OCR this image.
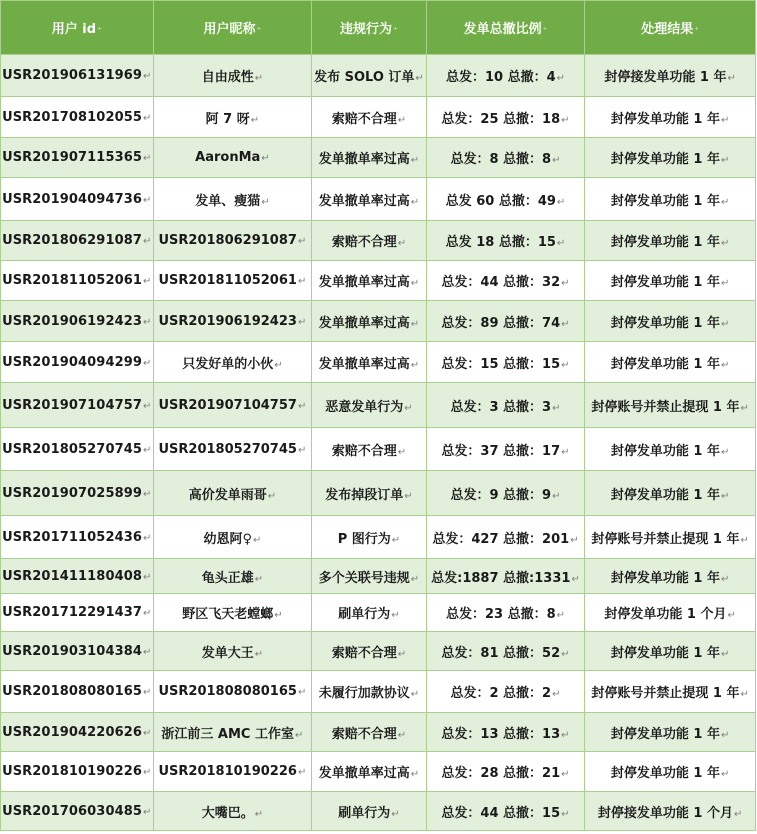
用户 id⁺	用户昵称⁺	违规行为⁺	发单总撤比例⁺	处理结果⁺
USR201906131969↵	自由成性↵	发布 SOLO 订单↵	总发：10 总撤：4↵	封停接发单功能 1 年↵
USR201708102055↵	阿 7 呀↵	索赔不合理↵	总发：25 总撤：18↵	封停发单功能 1 年↵
USR201907115365↵	AaronMa↵	发单撤单率过高↵	总发：8 总撤：8↵	封停发单功能 1 年↵
USR201904094736↵	发单、瘦猫↵	发单撤单率过高↵	总发 60 总撤：49↵	封停发单功能 1 年↵
USR201806291087↵	USR201806291087↵	索赔不合理↵	总发 18 总撤：15↵	封停发单功能 1 年↵
USR201811052061↵	USR201811052061↵	发单撤单率过高↵	总发：44 总撤：32↵	封停发单功能 1 年↵
USR201906192423↵	USR201906192423↵	发单撤单率过高↵	总发：89 总撤：74↵	封停发单功能 1 年↵
USR201904094299↵	只发好单的小伙↵	发单撤单率过高↵	总发：15 总撤：15↵	封停发单功能 1 年↵
USR201907104757↵	USR201907104757↵	恶意发单行为↵	总发：3 总撤：3↵	封停账号并禁止提现 1 年↵
USR201805270745↵	USR201805270745↵	索赔不合理↵	总发：37 总撤：17↵	封停发单功能 1 年↵
USR201907025899↵	高价发单雨哥↵	发布掉段订单↵	总发：9 总撤：9↵	封停发单功能 1 年↵
USR201711052436↵	幼恩阿♀↵	P 图行为↵	总发：427 总撤：201↵	封停账号并禁止提现 1 年↵
USR201411180408↵	龟头正雄↵	多个关联号违规↵	总发:1887 总撤:1331↵	封停发单功能 1 年↵
USR201712291437↵	野区飞天老螳螂↵	刷单行为↵	总发：23 总撤：8↵	封停发单功能 1 个月↵
USR201903104384↵	发单大王↵	索赔不合理↵	总发：81 总撤：52↵	封停发单功能 1 年↵
USR201808080165↵	USR201808080165↵	未履行加款协议↵	总发：2 总撤：2↵	封停账号并禁止提现 1 年↵
USR201904220626↵	浙江前三 AMC 工作室↵	索赔不合理↵	总发：13 总撤：13↵	封停发单功能 1 年↵
USR201810190226↵	USR201810190226↵	发单撤单率过高↵	总发：28 总撤：21↵	封停发单功能 1 年↵
USR201706030485↵	大嘴巴。↵	刷单行为↵	总发：44 总撤：15↵	封停接发单功能 1 个月↵
